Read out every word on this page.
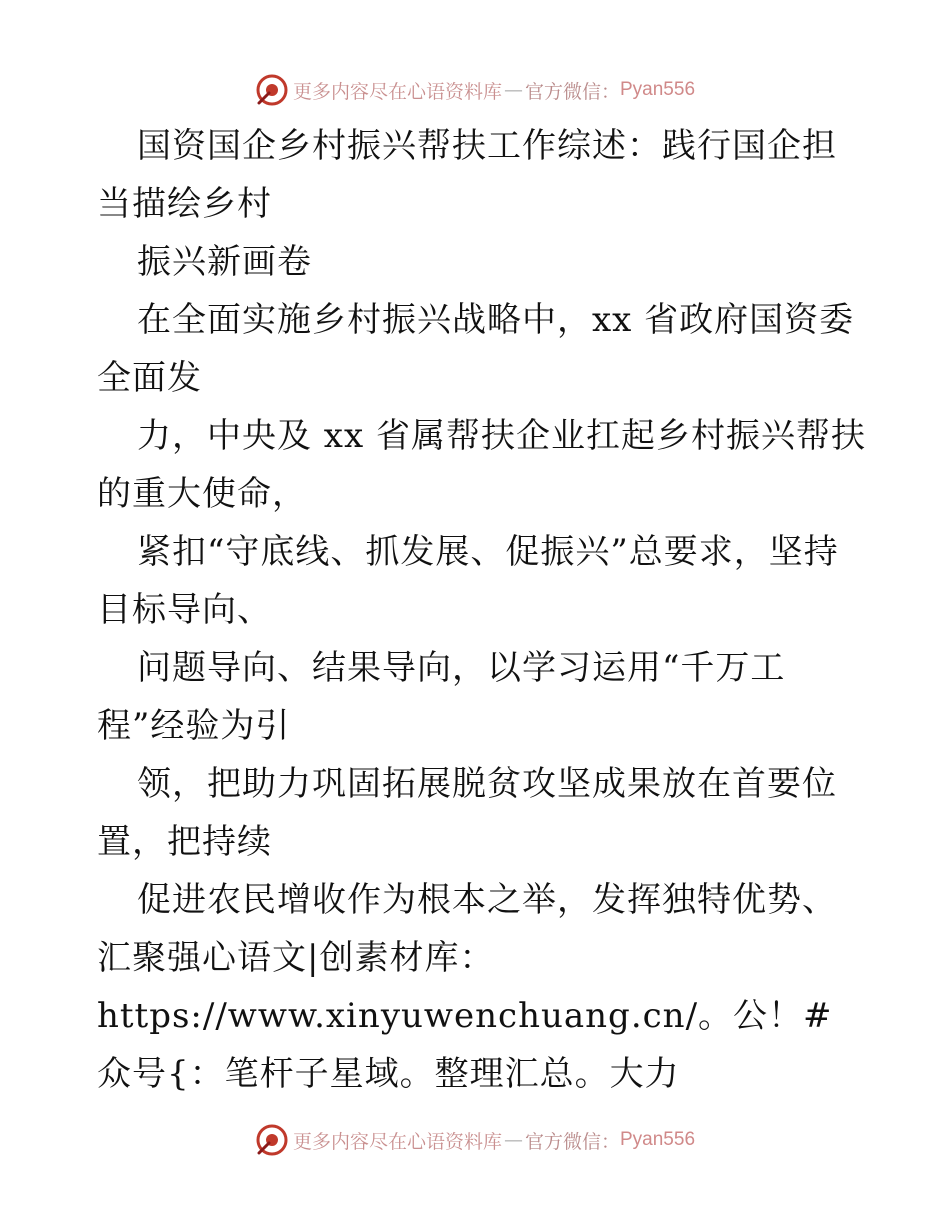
更多内容尽在心语资料库 — 官方微信： Pyan556

国资国企乡村振兴帮扶工作综述：践行国企担当描绘乡村

振兴新画卷

在全面实施乡村振兴战略中，xx 省政府国资委全面发

力，中央及 xx 省属帮扶企业扛起乡村振兴帮扶的重大使命，

紧扣“守底线、抓发展、促振兴”总要求，坚持目标导向、

问题导向、结果导向，以学习运用“千万工程”经验为引

领，把助力巩固拓展脱贫攻坚成果放在首要位置，把持续

促进农民增收作为根本之举，发挥独特优势、汇聚强心语文|创素材库：https://www.xinyuwenchuang.cn/。公！#众号{：笔杆子星域。整理汇总。大力

更多内容尽在心语资料库 — 官方微信： Pyan556
